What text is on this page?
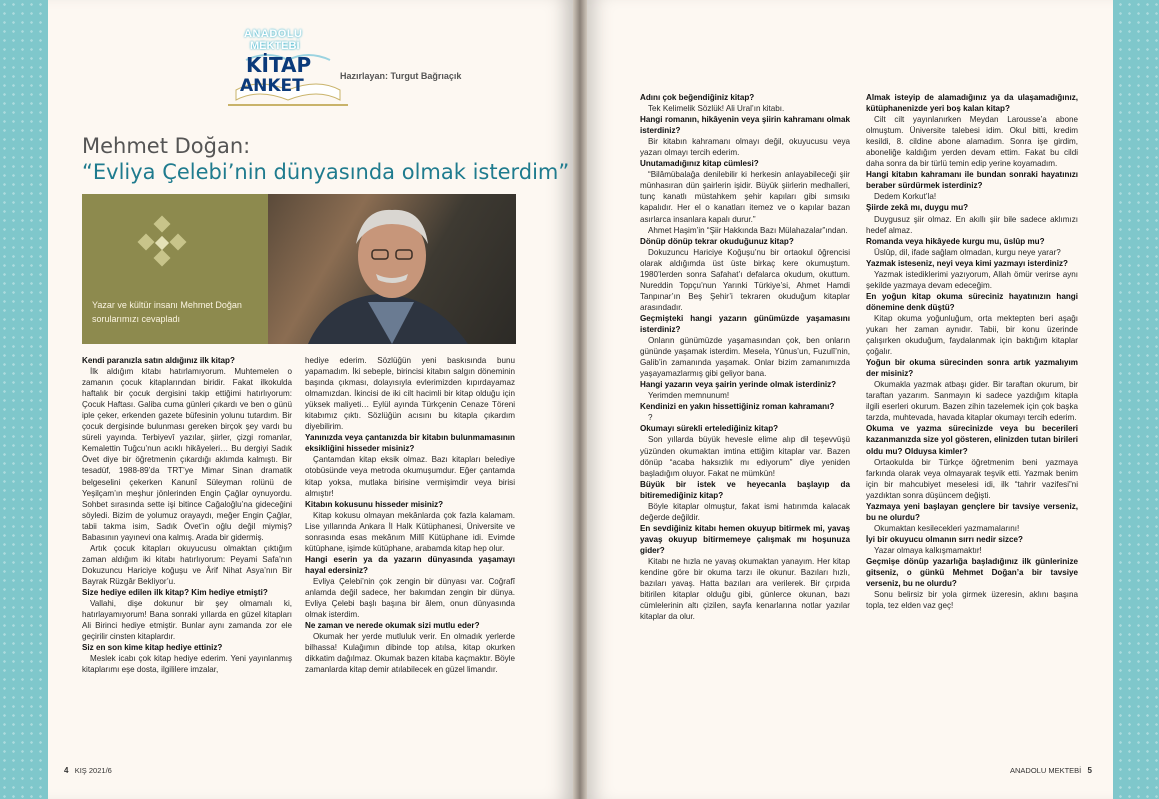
ANADOLU
MEKTEBİ
KİTAP
ANKET	Hazırlayan: Turgut Bağrıaçık
Mehmet Doğan:
“Evliya Çelebi’nin dünyasında olmak isterdim”
Yazar ve kültür insanı Mehmet Doğan sorularımızı cevapladı

Kendi paranızla satın aldığınız ilk kitap?

İlk aldığım kitabı hatırlamıyorum. Muhtemelen o zamanın çocuk kitaplarından biridir. Fakat ilkokulda haftalık bir çocuk dergisini takip ettiğimi hatırlıyorum: Çocuk Haftası. Galiba cuma günleri çıkardı ve ben o günü iple çeker, erkenden gazete büfesinin yolunu tutardım. Bir çocuk dergisinde bulunması gereken birçok şey vardı bu süreli yayında. Terbiyevî yazılar, şiirler, çizgi romanlar, Kemalettin Tuğcu’nun acıklı hikâyeleri… Bu dergiyi Sadık Övet diye bir öğretmenin çıkardığı aklımda kalmıştı. Bir tesadüf, 1988-89’da TRT’ye Mimar Sinan dramatik belgeselini çekerken Kanunî Süleyman rolünü de Yeşilçam’ın meşhur jönlerinden Engin Çağlar oynuyordu. Sohbet sırasında sette işi bitince Cağaloğlu’na gideceğini söyledi. Bizim de yolumuz orayaydı, meğer Engin Çağlar, tabii takma isim, Sadık Övet’in oğlu değil miymiş? Babasının yayınevi ona kalmış. Arada bir gidermiş.

Artık çocuk kitapları okuyucusu olmaktan çıktığım zaman aldığım iki kitabı hatırlıyorum: Peyami Safa’nın Dokuzuncu Hariciye koğuşu ve Ârif Nihat Asya’nın Bir Bayrak Rüzgâr Bekliyor’u.

Size hediye edilen ilk kitap? Kim hediye etmişti?

Vallahi, dişe dokunur bir şey olmamalı ki, hatırlayamıyorum! Bana sonraki yıllarda en güzel kitapları Ali Birinci hediye etmiştir. Bunlar aynı zamanda zor ele geçirilir cinsten kitaplardır.

Siz en son kime kitap hediye ettiniz?

Meslek icabı çok kitap hediye ederim. Yeni yayınlanmış kitaplarımı eşe dosta, ilgililere imzalar,

hediye ederim. Sözlüğün yeni baskısında bunu yapamadım. İki sebeple, birincisi kitabın salgın döneminin başında çıkması, dolayısıyla evlerimizden kıpırdayamaz olmamızdan. İkincisi de iki cilt hacimli bir kitap olduğu için yüksek maliyeti… Eylül ayında Türkçenin Cenaze Töreni kitabımız çıktı. Sözlüğün acısını bu kitapla çıkardım diyebilirim.

Yanınızda veya çantanızda bir kitabın bulunmamasının eksikliğini hisseder misiniz?

Çantamdan kitap eksik olmaz. Bazı kitapları belediye otobüsünde veya metroda okumuşumdur. Eğer çantamda kitap yoksa, mutlaka birisine vermişimdir veya birisi almıştır!

Kitabın kokusunu hisseder misiniz?

Kitap kokusu olmayan mekânlarda çok fazla kalamam. Lise yıllarında Ankara İl Halk Kütüphanesi, Üniversite ve sonrasında esas mekânım Millî Kütüphane idi. Evimde kütüphane, işimde kütüphane, arabamda kitap hep olur.

Hangi eserin ya da yazarın dünyasında yaşamayı hayal edersiniz?

Evliya Çelebi’nin çok zengin bir dünyası var. Coğrafî anlamda değil sadece, her bakımdan zengin bir dünya. Evliya Çelebi başlı başına bir âlem, onun dünyasında olmak isterdim.

Ne zaman ve nerede okumak sizi mutlu eder?

Okumak her yerde mutluluk verir. En olmadık yerlerde bilhassa! Kulağımın dibinde top atılsa, kitap okurken dikkatim dağılmaz. Okumak bazen kitaba kaçmaktır. Böyle zamanlarda kitap demir atılabilecek en güzel limandır.

Adını çok beğendiğiniz kitap?

Tek Kelimelik Sözlük! Ali Ural’ın kitabı.

Hangi romanın, hikâyenin veya şiirin kahramanı olmak isterdiniz?

Bir kitabın kahramanı olmayı değil, okuyucusu veya yazarı olmayı tercih ederim.

Unutamadığınız kitap cümlesi?

“Bilâmübalağa denilebilir ki herkesin anlayabileceği şiir münhasıran dün şairlerin işidir. Büyük şiirlerin medhalleri, tunç kanatlı müstahkem şehir kapıları gibi sımsıkı kapalıdır. Her el o kanatları itemez ve o kapılar bazan asırlarca insanlara kapalı durur.”

Ahmet Haşim’in “Şiir Hakkında Bazı Mülahazalar”ından.

Dönüp dönüp tekrar okuduğunuz kitap?

Dokuzuncu Hariciye Koğuşu’nu bir ortaokul öğrencisi olarak aldığımda üst üste birkaç kere okumuştum. 1980’lerden sonra Safahat’ı defalarca okudum, okuttum. Nureddin Topçu’nun Yarınki Türkiye’si, Ahmet Hamdi Tanpınar’ın Beş Şehir’i tekraren okuduğum kitaplar arasındadır.

Geçmişteki hangi yazarın günümüzde yaşamasını isterdiniz?

Onların günümüzde yaşamasından çok, ben onların gününde yaşamak isterdim. Mesela, Yûnus’un, Fuzulî’nin, Galib’in zamanında yaşamak. Onlar bizim zamanımızda yaşayamazlarmış gibi geliyor bana.

Hangi yazarın veya şairin yerinde olmak isterdiniz?

Yerimden memnunum!

Kendinizi en yakın hissettiğiniz roman kahramanı?

?

Okumayı sürekli ertelediğiniz kitap?

Son yıllarda büyük hevesle elime alıp dil teşevvüşü yüzünden okumaktan imtina ettiğim kitaplar var. Bazen dönüp “acaba haksızlık mı ediyorum” diye yeniden başladığım oluyor. Fakat ne mümkün!

Büyük bir istek ve heyecanla başlayıp da bitiremediğiniz kitap?

Böyle kitaplar olmuştur, fakat ismi hatırımda kalacak değerde değildir.

En sevdiğiniz kitabı hemen okuyup bitirmek mi, yavaş yavaş okuyup bitirmemeye çalışmak mı hoşunuza gider?

Kitabı ne hızla ne yavaş okumaktan yanayım. Her kitap kendine göre bir okuma tarzı ile okunur. Bazıları hızlı, bazıları yavaş. Hatta bazıları ara verilerek. Bir çırpıda bitirilen kitaplar olduğu gibi, günlerce okunan, bazı cümlelerinin altı çizilen, sayfa kenarlarına notlar yazılar kitaplar da olur.

Almak isteyip de alamadığınız ya da ulaşamadığınız, kütüphanenizde yeri boş kalan kitap?

Cilt cilt yayınlanırken Meydan Larousse’a abone olmuştum. Üniversite talebesi idim. Okul bitti, kredim kesildi, 8. cildine abone alamadım. Sonra işe girdim, aboneliğe kaldığım yerden devam ettim. Fakat bu cildi daha sonra da bir türlü temin edip yerine koyamadım.

Hangi kitabın kahramanı ile bundan sonraki hayatınızı beraber sürdürmek isterdiniz?

Dedem Korkut’la!

Şiirde zekâ mı, duygu mu?

Duygusuz şiir olmaz. En akıllı şiir bile sadece aklımızı hedef almaz.

Romanda veya hikâyede kurgu mu, üslûp mu?

Üslûp, dil, ifade sağlam olmadan, kurgu neye yarar?

Yazmak isteseniz, neyi veya kimi yazmayı isterdiniz?

Yazmak istediklerimi yazıyorum, Allah ömür verirse aynı şekilde yazmaya devam edeceğim.

En yoğun kitap okuma süreciniz hayatınızın hangi dönemine denk düştü?

Kitap okuma yoğunluğum, orta mektepten beri aşağı yukarı her zaman aynıdır. Tabii, bir konu üzerinde çalışırken okuduğum, faydalanmak için baktığım kitaplar çoğalır.

Yoğun bir okuma sürecinden sonra artık yazmalıyım der misiniz?

Okumakla yazmak atbaşı gider. Bir taraftan okurum, bir taraftan yazarım. Sanmayın ki sadece yazdığım kitapla ilgili eserleri okurum. Bazen zihin tazelemek için çok başka tarzda, muhtevada, havada kitaplar okumayı tercih ederim.

Okuma ve yazma sürecinizde veya bu becerileri kazanmanızda size yol gösteren, elinizden tutan birileri oldu mu? Olduysa kimler?

Ortaokulda bir Türkçe öğretmenim beni yazmaya farkında olarak veya olmayarak teşvik etti. Yazmak benim için bir mahcubiyet meselesi idi, ilk “tahrir vazifesi”ni yazdıktan sonra düşüncem değişti.

Yazmaya yeni başlayan gençlere bir tavsiye verseniz, bu ne olurdu?

Okumaktan kesilecekleri yazmamalarını!

İyi bir okuyucu olmanın sırrı nedir sizce?

Yazar olmaya kalkışmamaktır!

Geçmişe dönüp yazarlığa başladığınız ilk günlerinize gitseniz, o günkü Mehmet Doğan’a bir tavsiye verseniz, bu ne olurdu?

Sonu belirsiz bir yola girmek üzeresin, aklını başına topla, tez elden vaz geç!

4 KIŞ 2021/6	ANADOLU MEKTEBİ 5
